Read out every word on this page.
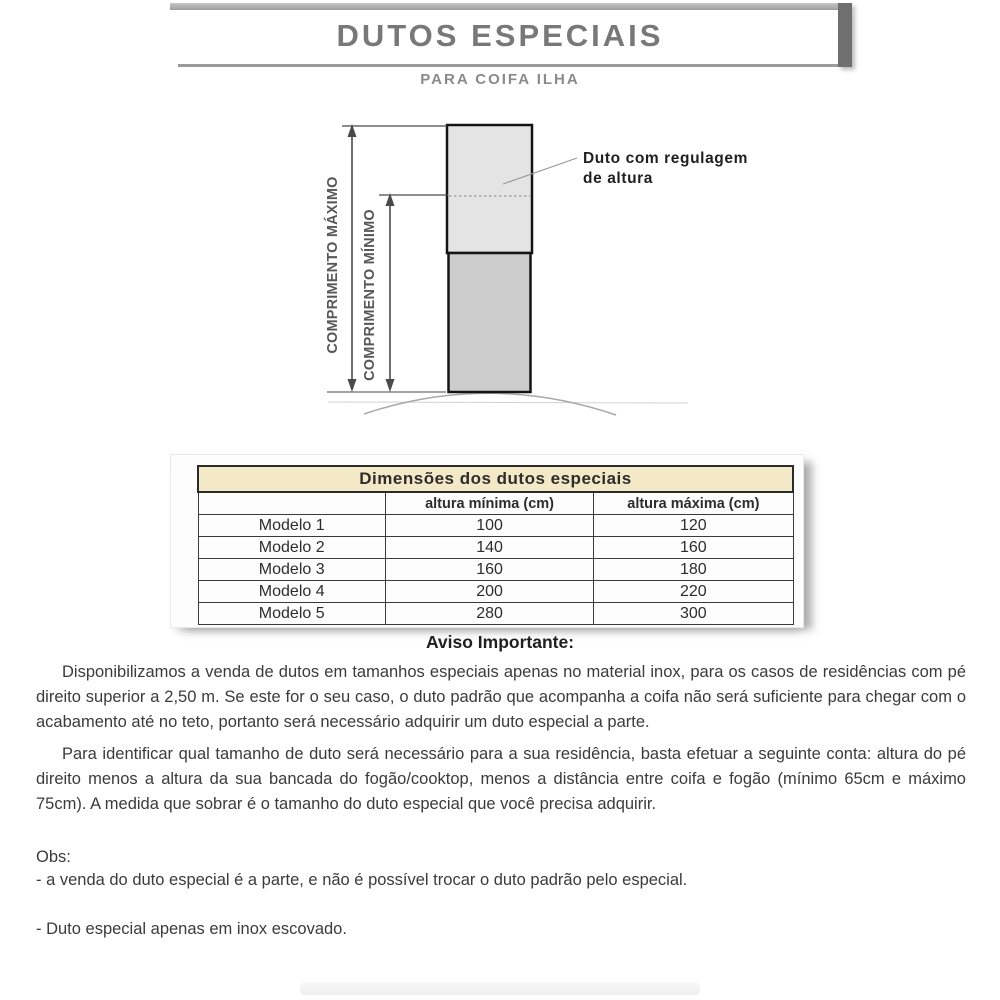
DUTOS ESPECIAIS
PARA COIFA ILHA
Duto com regulagem
de altura
COMPRIMENTO MÁXIMO COMPRIMENTO MÍNIMO
Dimensões dos dutos especiais		
	altura mínima (cm)	altura máxima (cm)
Modelo 1	100	120
Modelo 2	140	160
Modelo 3	160	180
Modelo 4	200	220
Modelo 5	280	300
Aviso Importante:

Disponibilizamos a venda de dutos em tamanhos especiais apenas no material inox, para os casos de residências com pé direito superior a 2,50 m. Se este for o seu caso, o duto padrão que acompanha a coifa não será suficiente para chegar com o acabamento até no teto, portanto será necessário adquirir um duto especial a parte.

Para identificar qual tamanho de duto será necessário para a sua residência, basta efetuar a seguinte conta: altura do pé direito menos a altura da sua bancada do fogão/cooktop, menos a distância entre coifa e fogão (mínimo 65cm e máximo 75cm). A medida que sobrar é o tamanho do duto especial que você precisa adquirir.

Obs:
- a venda do duto especial é a parte, e não é possível trocar o duto padrão pelo especial.
- Duto especial apenas em inox escovado.
